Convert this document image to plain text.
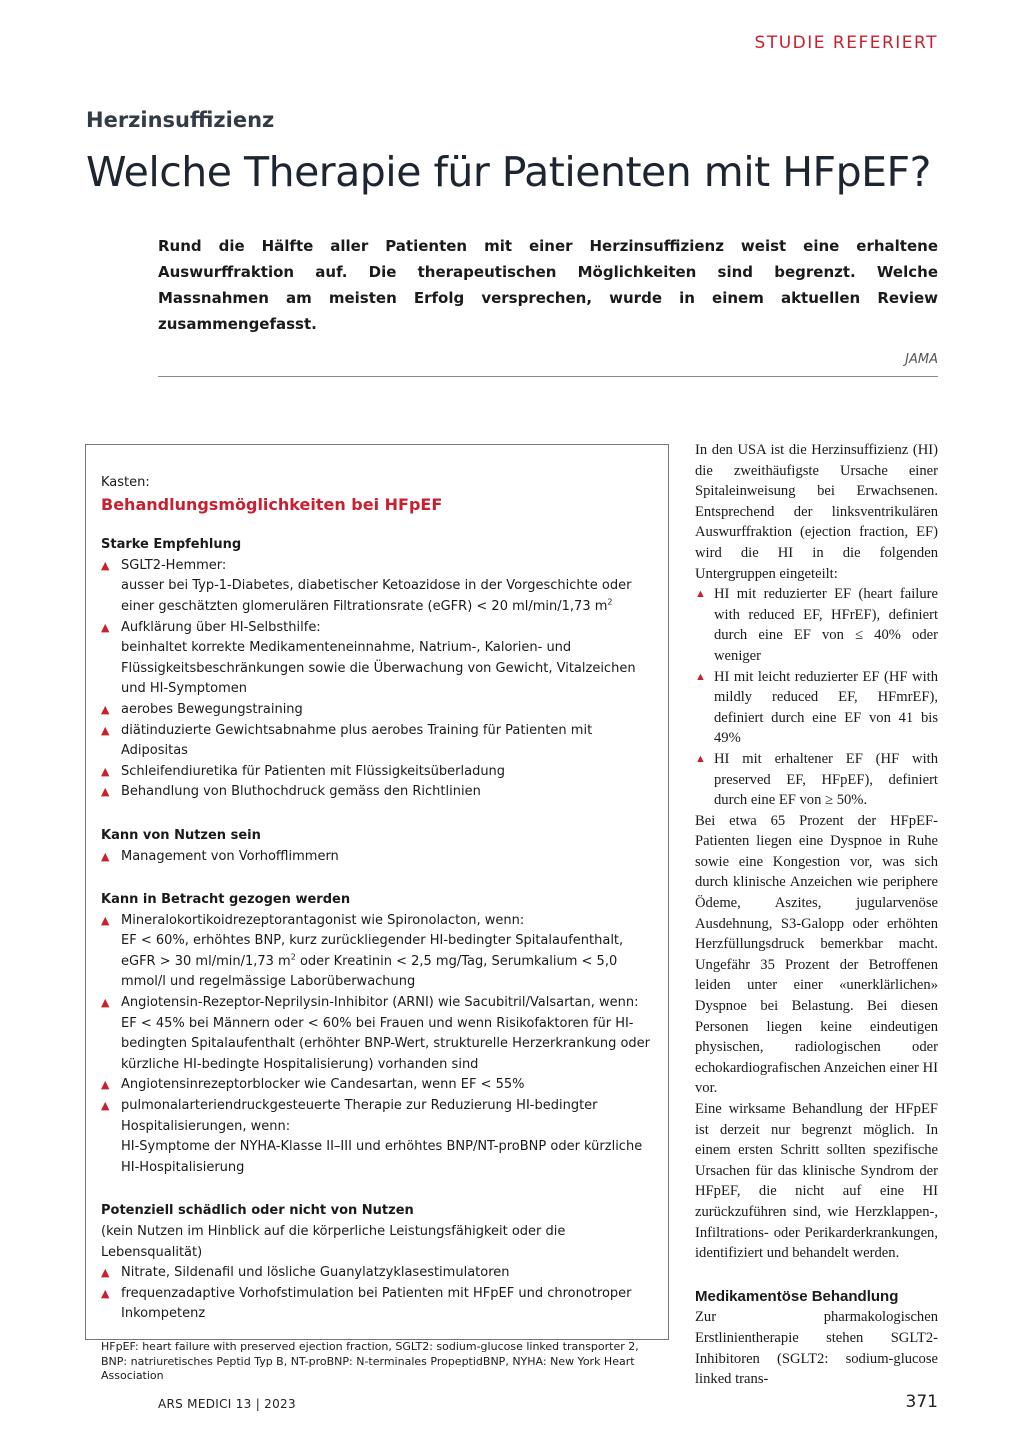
STUDIE REFERIERT
Herzinsuffizienz
Welche Therapie für Patienten mit HFpEF?
Rund die Hälfte aller Patienten mit einer Herzinsuffizienz weist eine erhaltene Auswurffraktion auf. Die therapeutischen Möglichkeiten sind begrenzt. Welche Massnahmen am meisten Erfolg versprechen, wurde in einem aktuellen Review zusammengefasst.
JAMA
Kasten:
Behandlungsmöglichkeiten bei HFpEF
Starke Empfehlung
▲ SGLT2-Hemmer:
ausser bei Typ-1-Diabetes, diabetischer Ketoazidose in der Vorgeschichte oder einer geschätzten glomerulären Filtrationsrate (eGFR) < 20 ml/min/1,73 $m^2$
▲ Aufklärung über HI-Selbsthilfe:
beinhaltet korrekte Medikamenteneinnahme, Natrium-, Kalorien- und Flüssigkeitsbeschränkungen sowie die Überwachung von Gewicht, Vitalzeichen und HI-Symptomen
▲ aerobes Bewegungstraining
▲ diätinduzierte Gewichtsabnahme plus aerobes Training für Patienten mit Adipositas
▲ Schleifendiuretika für Patienten mit Flüssigkeitsüberladung
▲ Behandlung von Bluthochdruck gemäss den Richtlinien
Kann von Nutzen sein
▲ Management von Vorhofflimmern
Kann in Betracht gezogen werden
▲ Mineralokortikoidrezeptorantagonist wie Spironolacton, wenn:
EF < 60%, erhöhtes BNP, kurz zurückliegender HI-bedingter Spitalaufenthalt, eGFR > 30 ml/min/1,73 $m^2$ oder Kreatinin < 2,5 mg/Tag, Serumkalium < 5,0 mmol/l und regelmässige Laborüberwachung
▲ Angiotensin-Rezeptor-Neprilysin-Inhibitor (ARNI) wie Sacubitril/Valsartan, wenn:
EF < 45% bei Männern oder < 60% bei Frauen und wenn Risikofaktoren für HI-bedingten Spitalaufenthalt (erhöhter BNP-Wert, strukturelle Herzerkrankung oder kürzliche HI-bedingte Hospitalisierung) vorhanden sind
▲ Angiotensinrezeptorblocker wie Candesartan, wenn EF < 55%
▲ pulmonalarteriendruckgesteuerte Therapie zur Reduzierung HI-bedingter Hospitalisierungen, wenn:
HI-Symptome der NYHA-Klasse II–III und erhöhtes BNP/NT-proBNP oder kürzliche HI-Hospitalisierung
Potenziell schädlich oder nicht von Nutzen
(kein Nutzen im Hinblick auf die körperliche Leistungsfähigkeit oder die Lebensqualität)
▲ Nitrate, Sildenafil und lösliche Guanylatzyklasestimulatoren
▲ frequenzadaptive Vorhofstimulation bei Patienten mit HFpEF und chronotroper Inkompetenz
HFpEF: heart failure with preserved ejection fraction, SGLT2: sodium-glucose linked transporter 2, BNP: natriuretisches Peptid Typ B, NT-proBNP: N-terminales PropeptidBNP, NYHA: New York Heart Association

In den USA ist die Herzinsuffizienz (HI) die zweithäufigste Ursache einer Spitaleinweisung bei Erwachsenen. Entsprechend der linksventrikulären Auswurffraktion (ejection fraction, EF) wird die HI in die folgenden Untergruppen eingeteilt:

▲ HI mit reduzierter EF (heart failure with reduced EF, HFrEF), definiert durch eine EF von ≤ 40% oder weniger
▲ HI mit leicht reduzierter EF (HF with mildly reduced EF, HFmrEF), definiert durch eine EF von 41 bis 49%
▲ HI mit erhaltener EF (HF with preserved EF, HFpEF), definiert durch eine EF von ≥ 50%.

Bei etwa 65 Prozent der HFpEF-Patienten liegen eine Dyspnoe in Ruhe sowie eine Kongestion vor, was sich durch klinische Anzeichen wie periphere Ödeme, Aszites, jugularvenöse Ausdehnung, S3-Galopp oder erhöhten Herzfüllungsdruck bemerkbar macht. Ungefähr 35 Prozent der Betroffenen leiden unter einer «unerklärlichen» Dyspnoe bei Belastung. Bei diesen Personen liegen keine eindeutigen physischen, radiologischen oder echokardiografischen Anzeichen einer HI vor.

Eine wirksame Behandlung der HFpEF ist derzeit nur begrenzt möglich. In einem ersten Schritt sollten spezifische Ursachen für das klinische Syndrom der HFpEF, die nicht auf eine HI zurückzuführen sind, wie Herzklappen-, Infiltrations- oder Perikarderkrankungen, identifiziert und behandelt werden.

Medikamentöse Behandlung

Zur pharmakologischen Erstlinientherapie stehen SGLT2-Inhibitoren (SGLT2: sodium-glucose linked trans-

ARS MEDICI 13 | 2023	371
